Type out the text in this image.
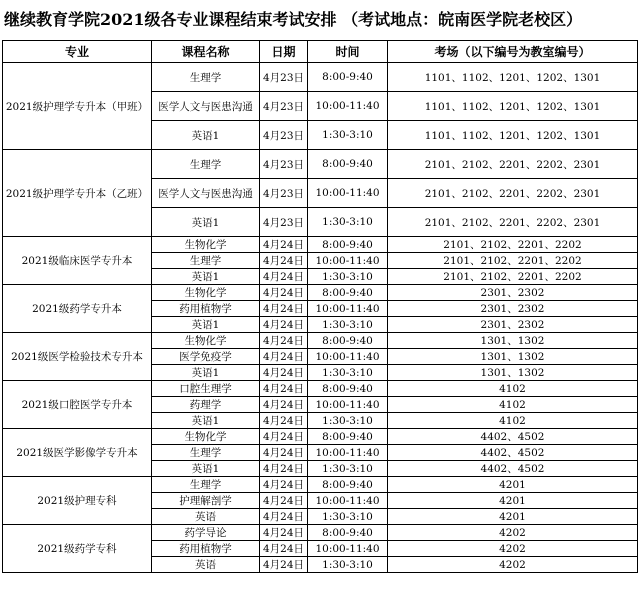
继续教育学院2021级各专业课程结束考试安排 （考试地点：皖南医学院老校区）
专业	课程名称	日期	时间	考场（以下编号为教室编号）
2021级护理学专升本（甲班）	生理学	4月23日	8:00-9:40	1101、1102、1201、1202、1301
	医学人文与医患沟通	4月23日	10:00-11:40	1101、1102、1201、1202、1301
	英语1	4月23日	1:30-3:10	1101、1102、1201、1202、1301
2021级护理学专升本（乙班）	生理学	4月23日	8:00-9:40	2101、2102、2201、2202、2301
	医学人文与医患沟通	4月23日	10:00-11:40	2101、2102、2201、2202、2301
	英语1	4月23日	1:30-3:10	2101、2102、2201、2202、2301
2021级临床医学专升本	生物化学	4月24日	8:00-9:40	2101、2102、2201、2202
	生理学	4月24日	10:00-11:40	2101、2102、2201、2202
	英语1	4月24日	1:30-3:10	2101、2102、2201、2202
2021级药学专升本	生物化学	4月24日	8:00-9:40	2301、2302
	药用植物学	4月24日	10:00-11:40	2301、2302
	英语1	4月24日	1:30-3:10	2301、2302
2021级医学检验技术专升本	生物化学	4月24日	8:00-9:40	1301、1302
	医学免疫学	4月24日	10:00-11:40	1301、1302
	英语1	4月24日	1:30-3:10	1301、1302
2021级口腔医学专升本	口腔生理学	4月24日	8:00-9:40	4102
	药理学	4月24日	10:00-11:40	4102
	英语1	4月24日	1:30-3:10	4102
2021级医学影像学专升本	生物化学	4月24日	8:00-9:40	4402、4502
	生理学	4月24日	10:00-11:40	4402、4502
	英语1	4月24日	1:30-3:10	4402、4502
2021级护理专科	生理学	4月24日	8:00-9:40	4201
	护理解剖学	4月24日	10:00-11:40	4201
	英语	4月24日	1:30-3:10	4201
2021级药学专科	药学导论	4月24日	8:00-9:40	4202
	药用植物学	4月24日	10:00-11:40	4202
	英语	4月24日	1:30-3:10	4202
